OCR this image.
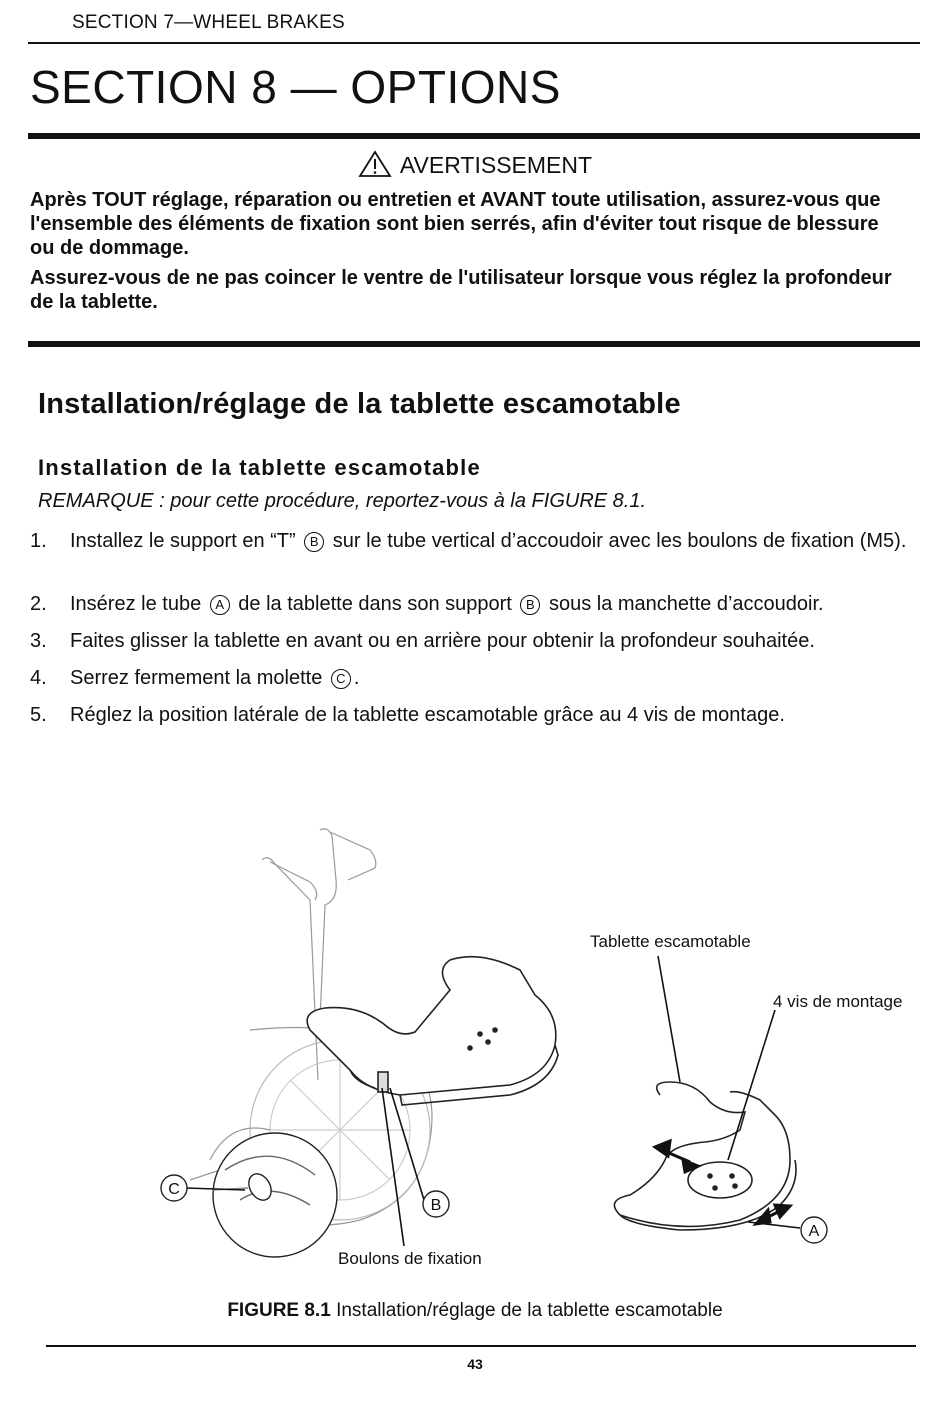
SECTION 7—WHEEL BRAKES
SECTION 8 — OPTIONS
AVERTISSEMENT
Après TOUT réglage, réparation ou entretien et AVANT toute utilisation, assurez-vous que l'ensemble des éléments de fixation sont bien serrés, afin d'éviter tout risque de blessure ou de dommage.
Assurez-vous de ne pas coincer le ventre de l'utilisateur lorsque vous réglez la profondeur de la tablette.
Installation/réglage de la tablette escamotable
Installation de la tablette escamotable
REMARQUE : pour cette procédure, reportez-vous à la FIGURE 8.1.
1. Installez le support en “T” B sur le tube vertical d’accoudoir avec les boulons de fixation (M5).
2. Insérez le tube A de la tablette dans son support B sous la manchette d’accoudoir.
3. Faites glisser la tablette en avant ou en arrière pour obtenir la profondeur souhaitée.
4. Serrez fermement la molette C .
5. Réglez la position latérale de la tablette escamotable grâce au 4 vis de montage.
C
B
A
Tablette escamotable
4 vis de montage
Boulons de fixation
FIGURE 8.1 Installation/réglage de la tablette escamotable
43
